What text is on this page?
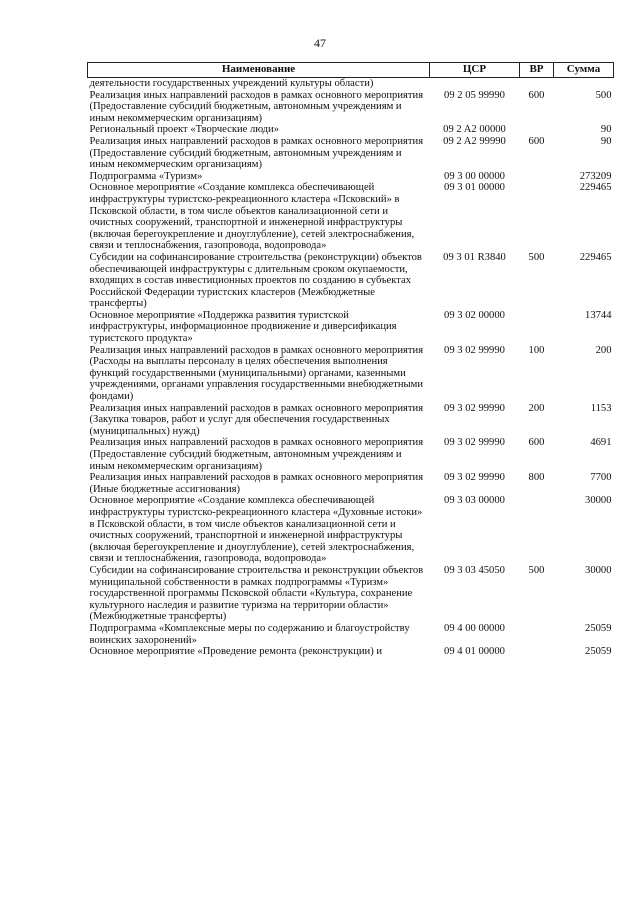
47
Наименование	ЦСР	ВР	Сумма
деятельности государственных учреждений культуры области)			
Реализация иных направлений расходов в рамках основного мероприятия (Предоставление субсидий бюджетным, автономным учреждениям и иным некоммерческим организациям)	09 2 05 99990	600	500
Региональный проект «Творческие люди»	09 2 A2 00000		90
Реализация иных направлений расходов в рамках основного мероприятия (Предоставление субсидий бюджетным, автономным учреждениям и иным некоммерческим организациям)	09 2 A2 99990	600	90
Подпрограмма «Туризм»	09 3 00 00000		273209
Основное мероприятие «Создание комплекса обеспечивающей инфраструктуры туристско-рекреационного кластера «Псковский» в Псковской области, в том числе объектов канализационной сети и очистных сооружений, транспортной и инженерной инфраструктуры (включая берегоукрепление и дноуглубление), сетей электроснабжения, связи и теплоснабжения, газопровода, водопровода»	09 3 01 00000		229465
Субсидии на софинансирование строительства (реконструкции) объектов обеспечивающей инфраструктуры с длительным сроком окупаемости, входящих в состав инвестиционных проектов по созданию в субъектах Российской Федерации туристских кластеров (Межбюджетные трансферты)	09 3 01 R3840	500	229465
Основное мероприятие «Поддержка развития туристской инфраструктуры, информационное продвижение и диверсификация туристского продукта»	09 3 02 00000		13744
Реализация иных направлений расходов в рамках основного мероприятия (Расходы на выплаты персоналу в целях обеспечения выполнения функций государственными (муниципальными) органами, казенными учреждениями, органами управления государственными внебюджетными фондами)	09 3 02 99990	100	200
Реализация иных направлений расходов в рамках основного мероприятия (Закупка товаров, работ и услуг для обеспечения государственных (муниципальных) нужд)	09 3 02 99990	200	1153
Реализация иных направлений расходов в рамках основного мероприятия (Предоставление субсидий бюджетным, автономным учреждениям и иным некоммерческим организациям)	09 3 02 99990	600	4691
Реализация иных направлений расходов в рамках основного мероприятия (Иные бюджетные ассигнования)	09 3 02 99990	800	7700
Основное мероприятие «Создание комплекса обеспечивающей инфраструктуры туристско-рекреационного кластера «Духовные истоки» в Псковской области, в том числе объектов канализационной сети и очистных сооружений, транспортной и инженерной инфраструктуры (включая берегоукрепление и дноуглубление), сетей электроснабжения, связи и теплоснабжения, газопровода, водопровода»	09 3 03 00000		30000
Субсидии на софинансирование строительства и реконструкции объектов муниципальной собственности в рамках подпрограммы «Туризм» государственной программы Псковской области «Культура, сохранение культурного наследия и развитие туризма на территории области» (Межбюджетные трансферты)	09 3 03 45050	500	30000
Подпрограмма «Комплексные меры по содержанию и благоустройству воинских захоронений»	09 4 00 00000		25059
Основное мероприятие «Проведение ремонта (реконструкции) и	09 4 01 00000		25059
